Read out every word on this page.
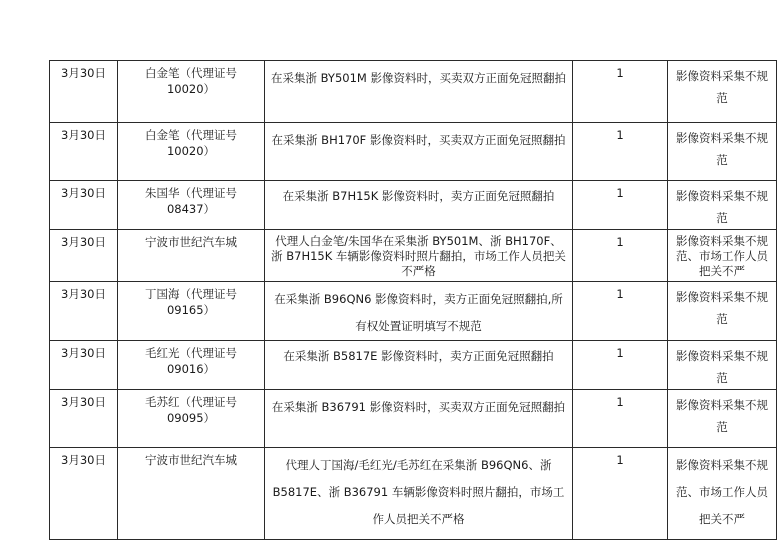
3月30日	白金笔（代理证号 10020）	在采集浙 BY501M 影像资料时，买卖双方正面免冠照翻拍	1	影像资料采集不规范
3月30日	白金笔（代理证号 10020）	在采集浙 BH170F 影像资料时，买卖双方正面免冠照翻拍	1	影像资料采集不规范
3月30日	朱国华（代理证号 08437）	在采集浙 B7H15K 影像资料时，卖方正面免冠照翻拍	1	影像资料采集不规范
3月30日	宁波市世纪汽车城	代理人白金笔/朱国华在采集浙 BY501M、浙 BH170F、浙 B7H15K 车辆影像资料时照片翻拍，市场工作人员把关不严格	1	影像资料采集不规范、市场工作人员把关不严
3月30日	丁国海（代理证号 09165）	在采集浙 B96QN6 影像资料时，卖方正面免冠照翻拍,所有权处置证明填写不规范	1	影像资料采集不规范
3月30日	毛红光（代理证号 09016）	在采集浙 B5817E 影像资料时，卖方正面免冠照翻拍	1	影像资料采集不规范
3月30日	毛苏红（代理证号 09095）	在采集浙 B36791 影像资料时，买卖双方正面免冠照翻拍	1	影像资料采集不规范
3月30日	宁波市世纪汽车城	代理人丁国海/毛红光/毛苏红在采集浙 B96QN6、浙 B5817E、浙 B36791 车辆影像资料时照片翻拍，市场工作人员把关不严格	1	影像资料采集不规范、市场工作人员把关不严
